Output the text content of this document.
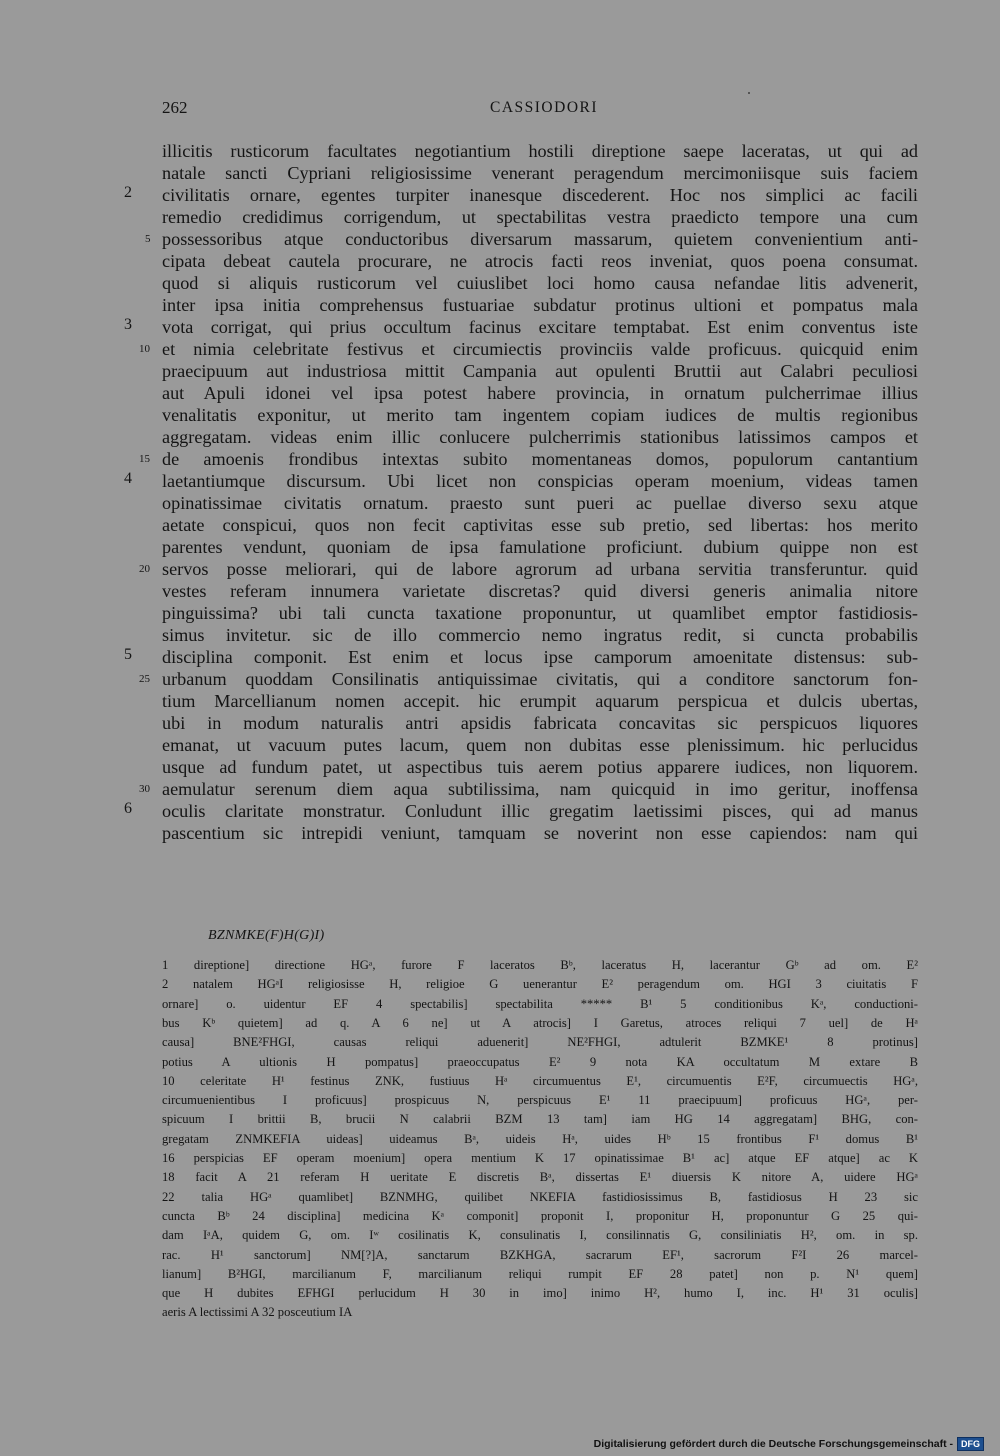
262	CASSIODORI
illicitis rusticorum facultates negotiantium hostili direptione saepe laceratas, ut qui ad
natale sancti Cypriani religiosissime venerant peragendum mercimoniisque suis faciem
civilitatis ornare, egentes turpiter inanesque discederent. Hoc nos simplici ac facili
remedio credidimus corrigendum, ut spectabilitas vestra praedicto tempore una cum
possessoribus atque conductoribus diversarum massarum, quietem convenientium anti-
cipata debeat cautela procurare, ne atrocis facti reos inveniat, quos poena consumat.
quod si aliquis rusticorum vel cuiuslibet loci homo causa nefandae litis advenerit,
inter ipsa initia comprehensus fustuariae subdatur protinus ultioni et pompatus mala
vota corrigat, qui prius occultum facinus excitare temptabat. Est enim conventus iste
et nimia celebritate festivus et circumiectis provinciis valde proficuus. quicquid enim
praecipuum aut industriosa mittit Campania aut opulenti Bruttii aut Calabri peculiosi
aut Apuli idonei vel ipsa potest habere provincia, in ornatum pulcherrimae illius
venalitatis exponitur, ut merito tam ingentem copiam iudices de multis regionibus
aggregatam. videas enim illic conlucere pulcherrimis stationibus latissimos campos et
de amoenis frondibus intextas subito momentaneas domos, populorum cantantium
laetantiumque discursum. Ubi licet non conspicias operam moenium, videas tamen
opinatissimae civitatis ornatum. praesto sunt pueri ac puellae diverso sexu atque
aetate conspicui, quos non fecit captivitas esse sub pretio, sed libertas: hos merito
parentes vendunt, quoniam de ipsa famulatione proficiunt. dubium quippe non est
servos posse meliorari, qui de labore agrorum ad urbana servitia transferuntur. quid
vestes referam innumera varietate discretas? quid diversi generis animalia nitore
pinguissima? ubi tali cuncta taxatione proponuntur, ut quamlibet emptor fastidiosis-
simus invitetur. sic de illo commercio nemo ingratus redit, si cuncta probabilis
disciplina componit. Est enim et locus ipse camporum amoenitate distensus: sub-
urbanum quoddam Consilinatis antiquissimae civitatis, qui a conditore sanctorum fon-
tium Marcellianum nomen accepit. hic erumpit aquarum perspicua et dulcis ubertas,
ubi in modum naturalis antri apsidis fabricata concavitas sic perspicuos liquores
emanat, ut vacuum putes lacum, quem non dubitas esse plenissimum. hic perlucidus
usque ad fundum patet, ut aspectibus tuis aerem potius apparere iudices, non liquorem.
aemulatur serenum diem aqua subtilissima, nam quicquid in imo geritur, inoffensa
oculis claritate monstratur. Conludunt illic gregatim laetissimi pisces, qui ad manus
pascentium sic intrepidi veniunt, tamquam se noverint non esse capiendos: nam qui
2
3
4
5
6
5
10
15
20
25
30
BZNMKE(F)H(G)I)
1 direptione] directione HGᵃ, furore F laceratos Bᵇ, laceratus H, lacerantur Gᵇ ad om. E²
2 natalem HGᵃI religiosisse H, religioe G uenerantur E² peragendum om. HGI 3 ciuitatis F
ornare] o. uidentur EF 4 spectabilis] spectabilita ***** B¹ 5 conditionibus Kᵃ, conductioni-
bus Kᵇ quietem] ad q. A 6 ne] ut A atrocis] I Garetus, atroces reliqui 7 uel] de Hᵃ
causa] BNE²FHGI, causas reliqui aduenerit] NE²FHGI, adtulerit BZMKE¹ 8 protinus]
potius A ultionis H pompatus] praeoccupatus E² 9 nota KA occultatum M extare B
10 celeritate H¹ festinus ZNK, fustiuus Hᵃ circumuentus E¹, circumuentis E²F, circumuectis HGᵃ,
circumuenientibus I proficuus] prospicuus N, perspicuus E¹ 11 praecipuum] proficuus HGᵃ, per-
spicuum I brittii B, brucii N calabrii BZM 13 tam] iam HG 14 aggregatam] BHG, con-
gregatam ZNMKEFIA uideas] uideamus Bᵃ, uideis Hᵃ, uides Hᵇ 15 frontibus F¹ domus B¹
16 perspicias EF operam moenium] opera mentium K 17 opinatissimae B¹ ac] atque EF atque] ac K
18 facit A 21 referam H ueritate E discretis Bᵃ, dissertas E¹ diuersis K nitore A, uidere HGᵃ
22 talia HGᵃ quamlibet] BZNMHG, quilibet NKEFIA fastidiosissimus B, fastidiosus H 23 sic
cuncta Bᵇ 24 disciplina] medicina Kᵃ componit] proponit I, proponitur H, proponuntur G 25 qui-
dam IᵃA, quidem G, om. Iʷ cosilinatis K, consulinatis I, consilinnatis G, consiliniatis H², om. in sp.
rac. H¹ sanctorum] NM[?]A, sanctarum BZKHGA, sacrarum EF¹, sacrorum F²I 26 marcel-
lianum] B²HGI, marcilianum F, marcilianum reliqui rumpit EF 28 patet] non p. N¹ quem]
que H dubites EFHGI perlucidum H 30 in imo] inimo H², humo I, inc. H¹ 31 oculis]
aeris A lectissimi A 32 posceutium IA
Digitalisierung gefördert durch die Deutsche Forschungsgemeinschaft - DFG
